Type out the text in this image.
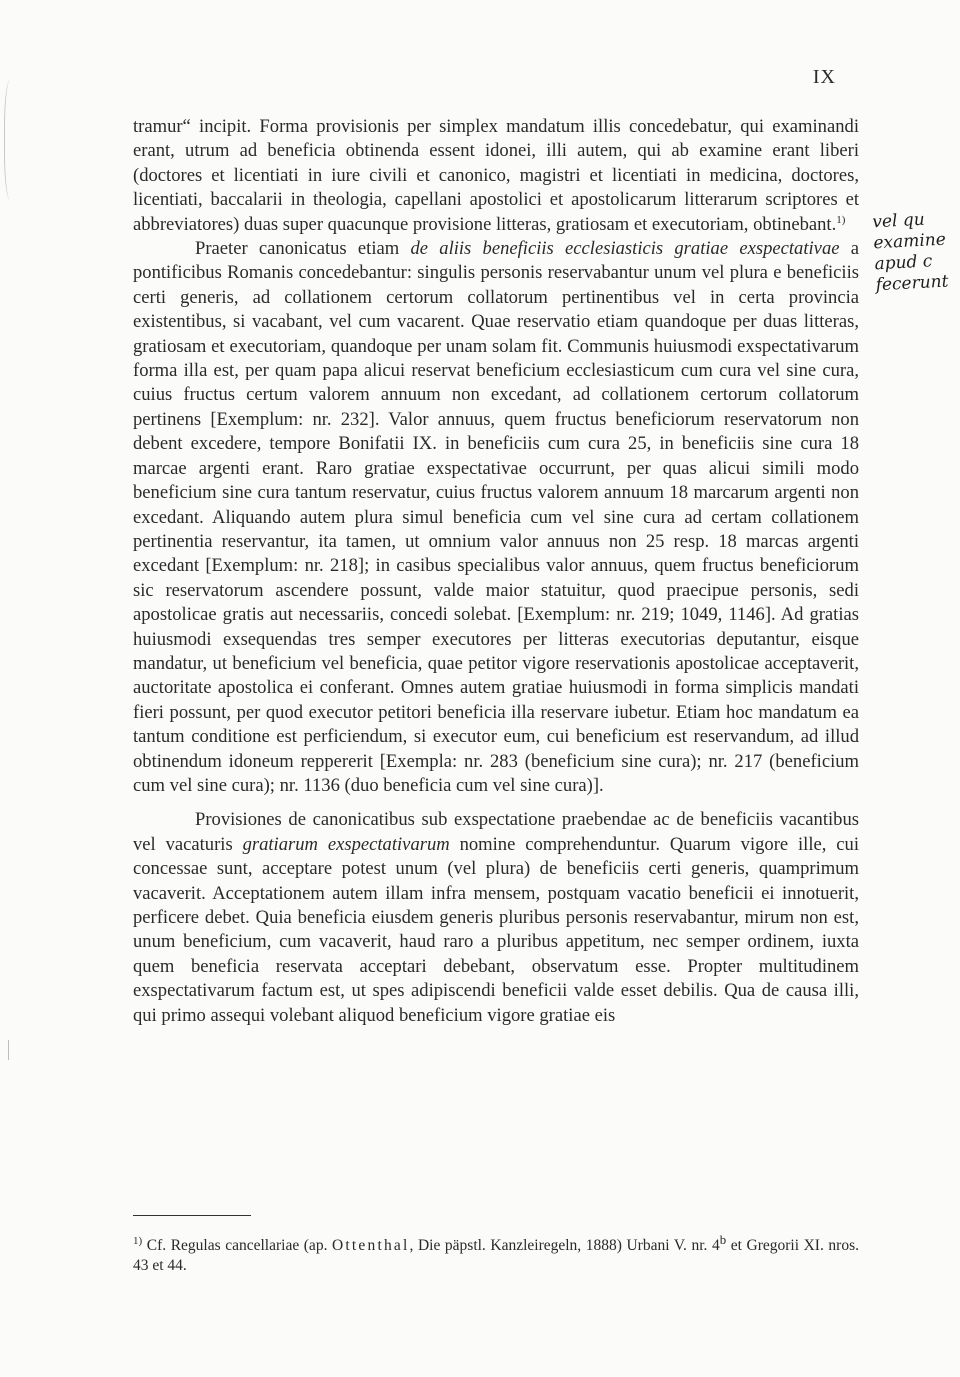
IX

tramur“ incipit. Forma provisionis per simplex mandatum illis concedebatur, qui examinandi erant, utrum ad beneficia obtinenda essent idonei, illi autem, qui ab examine erant liberi (doctores et licentiati in iure civili et canonico, magistri et licentiati in medicina, doctores, licentiati, baccalarii in theologia, capellani apostolici et apostolicarum litterarum scriptores et abbreviatores) duas super quacunque provisione litteras, gratiosam et executoriam, obtinebant.$^{1)}$

Praeter canonicatus etiam de aliis beneficiis ecclesiasticis gratiae exspectativae a pontificibus Romanis concedebantur: singulis personis reservabantur unum vel plura e beneficiis certi generis, ad collationem certorum collatorum pertinentibus vel in certa provincia existentibus, si vacabant, vel cum vacarent. Quae reservatio etiam quandoque per duas litteras, gratiosam et executoriam, quandoque per unam solam fit. Communis huiusmodi exspectativarum forma illa est, per quam papa alicui reservat beneficium ecclesiasticum cum cura vel sine cura, cuius fructus certum valorem annuum non excedant, ad collationem certorum collatorum pertinens [Exemplum: nr. 232]. Valor annuus, quem fructus beneficiorum reservatorum non debent excedere, tempore Bonifatii IX. in beneficiis cum cura 25, in beneficiis sine cura 18 marcae argenti erant. Raro gratiae exspectativae occurrunt, per quas alicui simili modo beneficium sine cura tantum reservatur, cuius fructus valorem annuum 18 marcarum argenti non excedant. Aliquando autem plura simul beneficia cum vel sine cura ad certam collationem pertinentia reservantur, ita tamen, ut omnium valor annuus non 25 resp. 18 marcas argenti excedant [Exemplum: nr. 218]; in casibus specialibus valor annuus, quem fructus beneficiorum sic reservatorum ascendere possunt, valde maior statuitur, quod praecipue personis, sedi apostolicae gratis aut necessariis, concedi solebat. [Exemplum: nr. 219; 1049, 1146]. Ad gratias huiusmodi exsequendas tres semper executores per litteras executorias deputantur, eisque mandatur, ut beneficium vel beneficia, quae petitor vigore reservationis apostolicae acceptaverit, auctoritate apostolica ei conferant. Omnes autem gratiae huiusmodi in forma simplicis mandati fieri possunt, per quod executor petitori beneficia illa reservare iubetur. Etiam hoc mandatum ea tantum conditione est perficiendum, si executor eum, cui beneficium est reservandum, ad illud obtinendum idoneum reppererit [Exempla: nr. 283 (beneficium sine cura); nr. 217 (beneficium cum vel sine cura); nr. 1136 (duo beneficia cum vel sine cura)].

Provisiones de canonicatibus sub exspectatione praebendae ac de beneficiis vacantibus vel vacaturis gratiarum exspectativarum nomine comprehenduntur. Quarum vigore ille, cui concessae sunt, acceptare potest unum (vel plura) de beneficiis certi generis, quamprimum vacaverit. Acceptationem autem illam infra mensem, postquam vacatio beneficii ei innotuerit, perficere debet. Quia beneficia eiusdem generis pluribus personis reservabantur, mirum non est, unum beneficium, cum vacaverit, haud raro a pluribus appetitum, nec semper ordinem, iuxta quem beneficia reservata acceptari debebant, observatum esse. Propter multitudinem exspectativarum factum est, ut spes adipiscendi beneficii valde esset debilis. Qua de causa illi, qui primo assequi volebant aliquod beneficium vigore gratiae eis

$^{1)}$ Cf. Regulas cancellariae (ap. Ottenthal, Die päpstl. Kanzleiregeln, 1888) Urbani V. nr. 4$^b$ et Gregorii XI. nros. 43 et 44.
vel qu
examine
apud c
fecerunt
